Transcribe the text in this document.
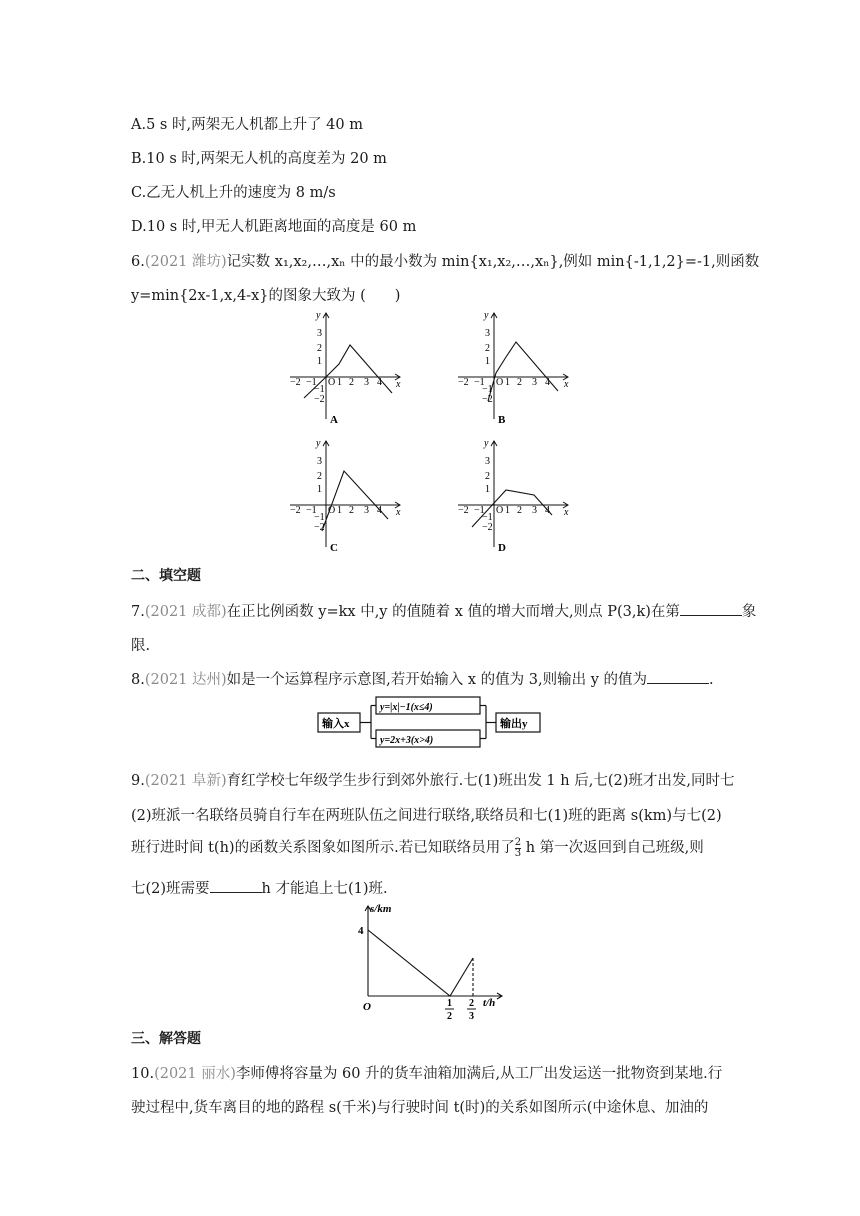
A.5 s 时,两架无人机都上升了 40 m
B.10 s 时,两架无人机的高度差为 20 m
C.乙无人机上升的速度为 8 m/s
D.10 s 时,甲无人机距离地面的高度是 60 m
6.(2021 潍坊)记实数 x₁,x₂,…,xₙ 中的最小数为 min{x₁,x₂,…,xₙ},例如 min{-1,1,2}=-1,则函数
y=min{2x-1,x,4-x}的图象大致为 (　　)
y
x
3
2
1
−1
−2
−2 −1 O 1 2 3 4
A
y
x
3
2
1
−1
−2
−2 −1 O 1 2 3 4
B
y
x
3
2
1
−1
−2
−2 −1 O 1 2 3 4
C
y
x
3
2
1
−1
−2
−2 −1 O 1 2 3 4
D
二、填空题
7.(2021 成都)在正比例函数 y=kx 中,y 的值随着 x 值的增大而增大,则点 P(3,k)在第	象
限.
8.(2021 达州)如是一个运算程序示意图,若开始输入 x 的值为 3,则输出 y 的值为	.
输入x
y=|x|−1(x≤4)
y=2x+3(x>4)
输出y
9.(2021 阜新)育红学校七年级学生步行到郊外旅行.七(1)班出发 1 h 后,七(2)班才出发,同时七
(2)班派一名联络员骑自行车在两班队伍之间进行联络,联络员和七(1)班的距离 s(km)与七(2)
班行进时间 t(h)的函数关系图象如图所示.若已知联络员用了 $\frac{2}{3}$ h 第一次返回到自己班级,则
七(2)班需要	h 才能追上七(1)班.
s/km
t/h
O
4
1
2
2
3
三、解答题
10.(2021 丽水)李师傅将容量为 60 升的货车油箱加满后,从工厂出发运送一批物资到某地.行
驶过程中,货车离目的地的路程 s(千米)与行驶时间 t(时)的关系如图所示(中途休息、加油的
